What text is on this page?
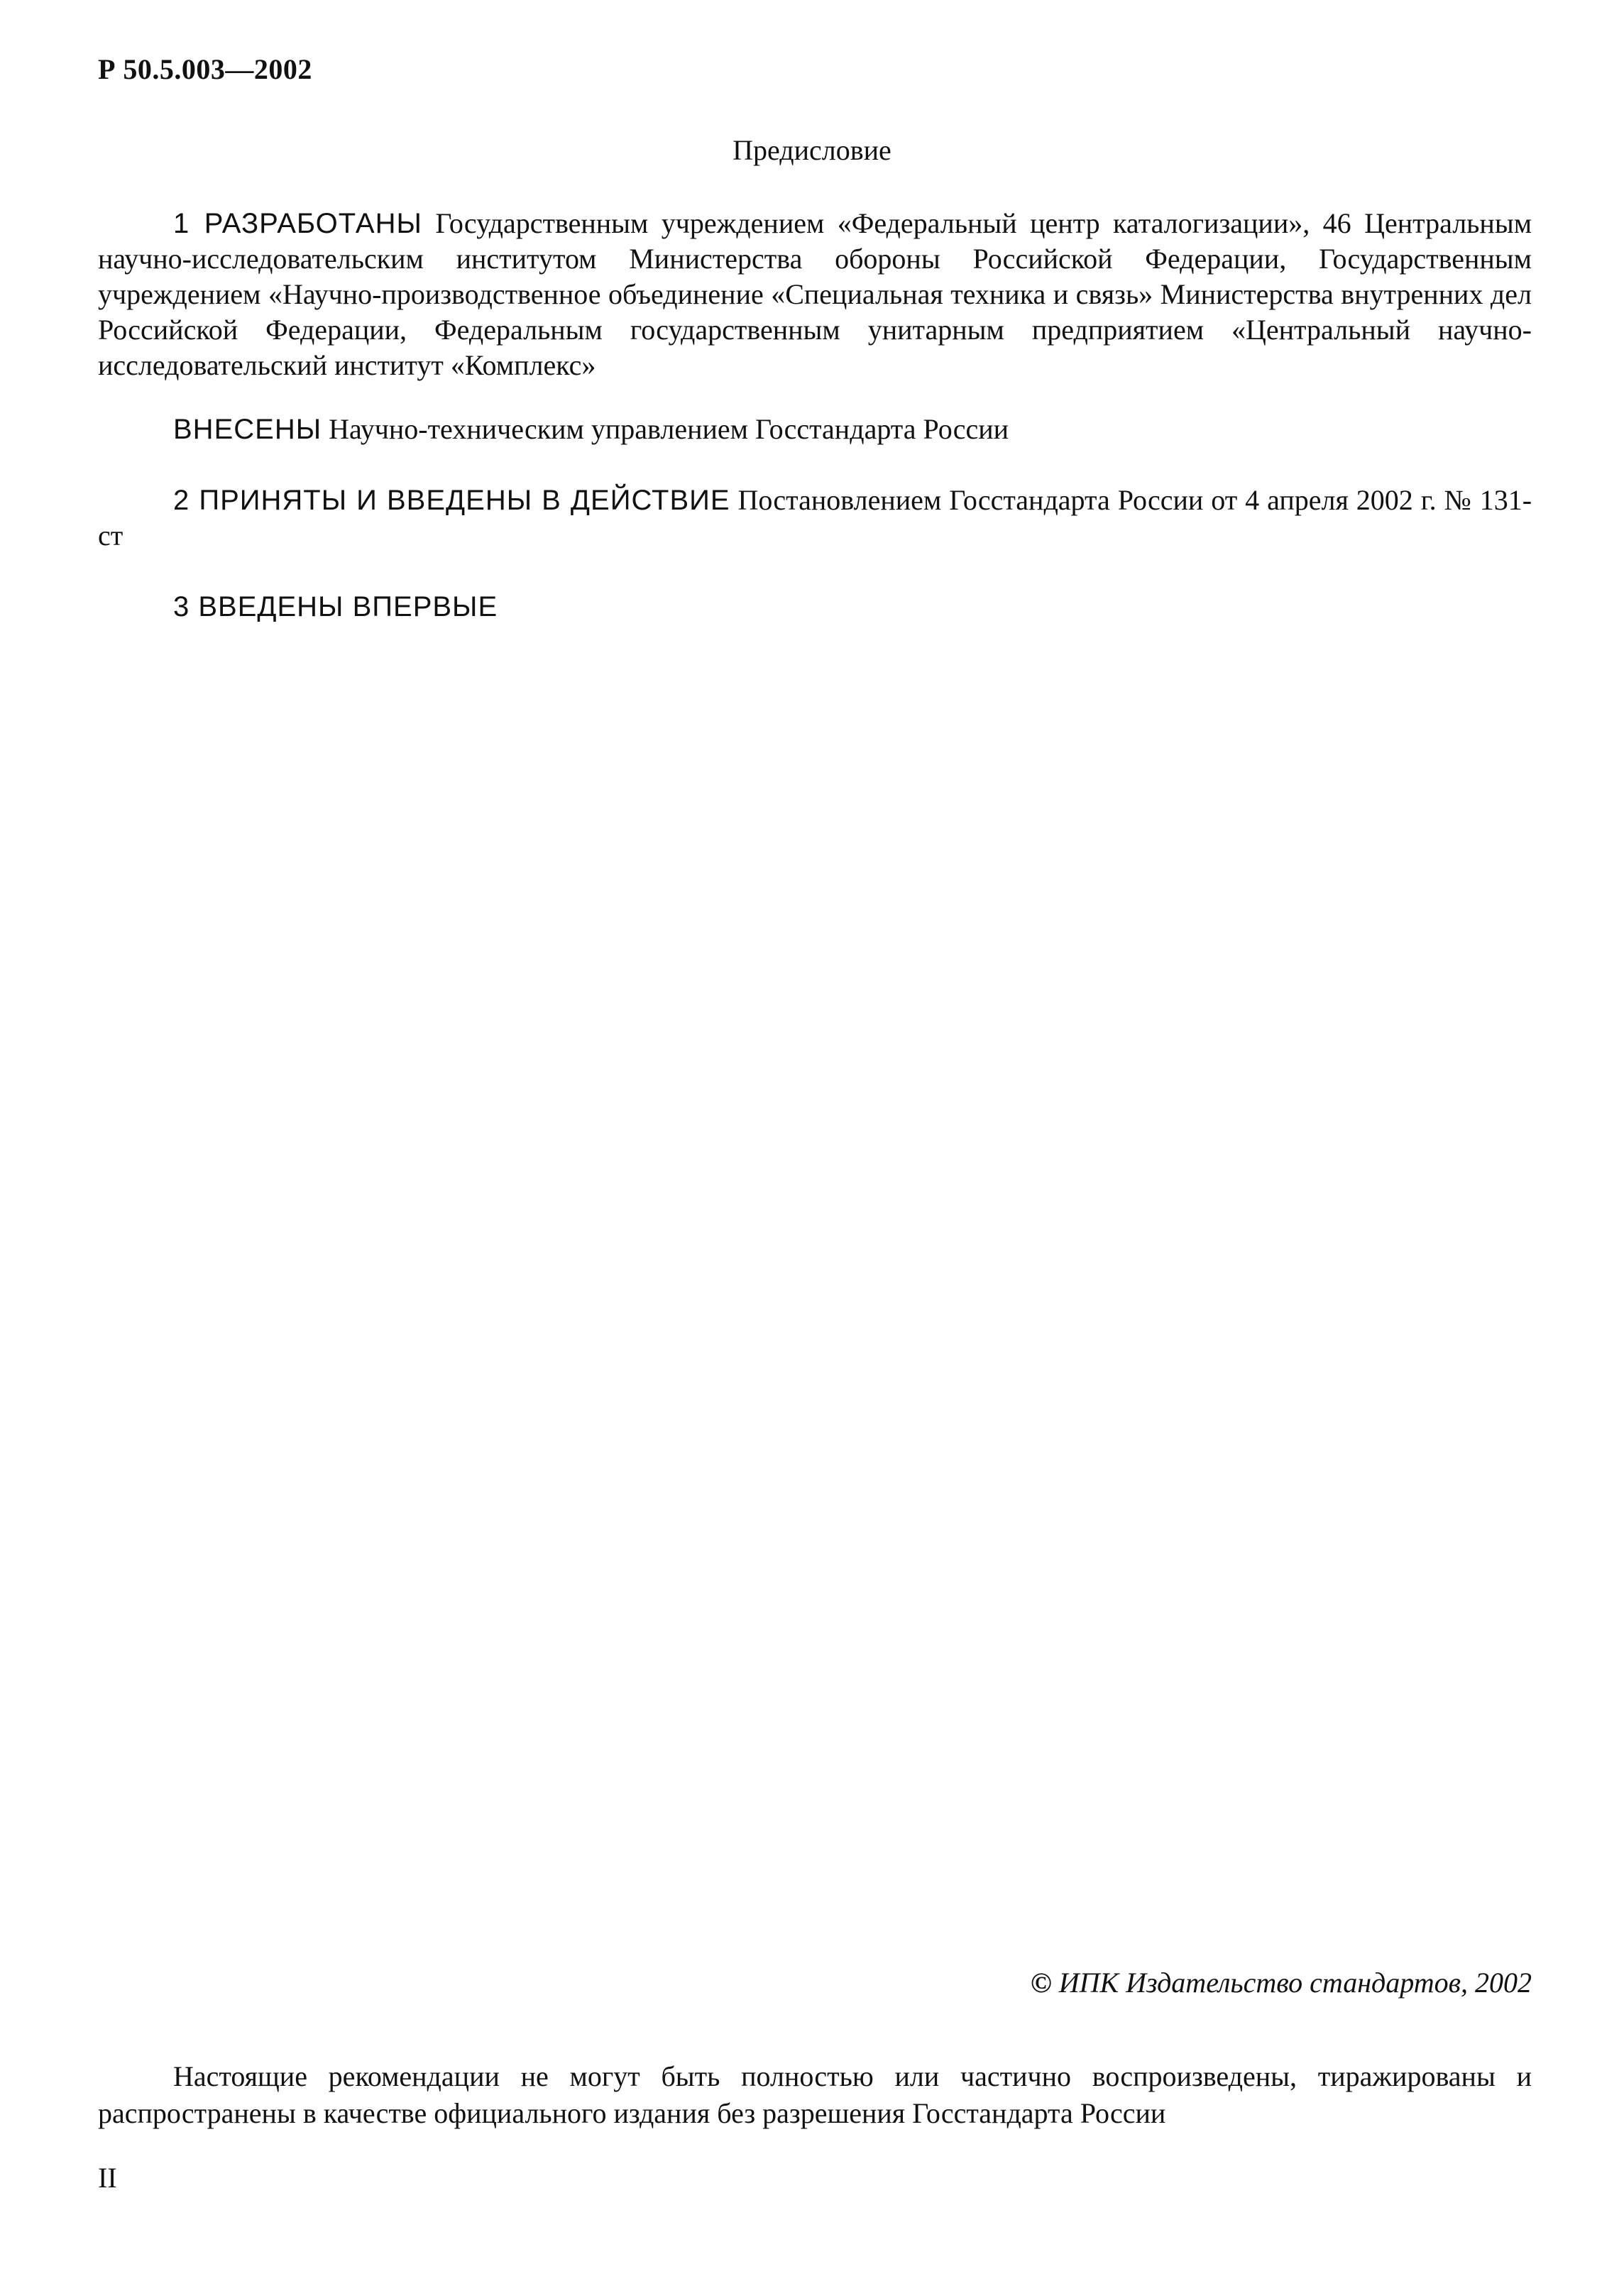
Р 50.5.003—2002
Предисловие
1 РАЗРАБОТАНЫ Государственным учреждением «Федеральный центр каталогизации», 46 Центральным научно-исследовательским институтом Министерства обороны Российской Федерации, Государственным учреждением «Научно-производственное объединение «Специальная техника и связь» Министерства внутренних дел Российской Федерации, Федеральным государственным унитарным предприятием «Центральный научно-исследовательский институт «Комплекс»
ВНЕСЕНЫ Научно-техническим управлением Госстандарта России
2 ПРИНЯТЫ И ВВЕДЕНЫ В ДЕЙСТВИЕ Постановлением Госстандарта России от 4 апреля 2002 г. № 131-ст
3 ВВЕДЕНЫ ВПЕРВЫЕ
© ИПК Издательство стандартов, 2002
Настоящие рекомендации не могут быть полностью или частично воспроизведены, тиражированы и распространены в качестве официального издания без разрешения Госстандарта России
II
